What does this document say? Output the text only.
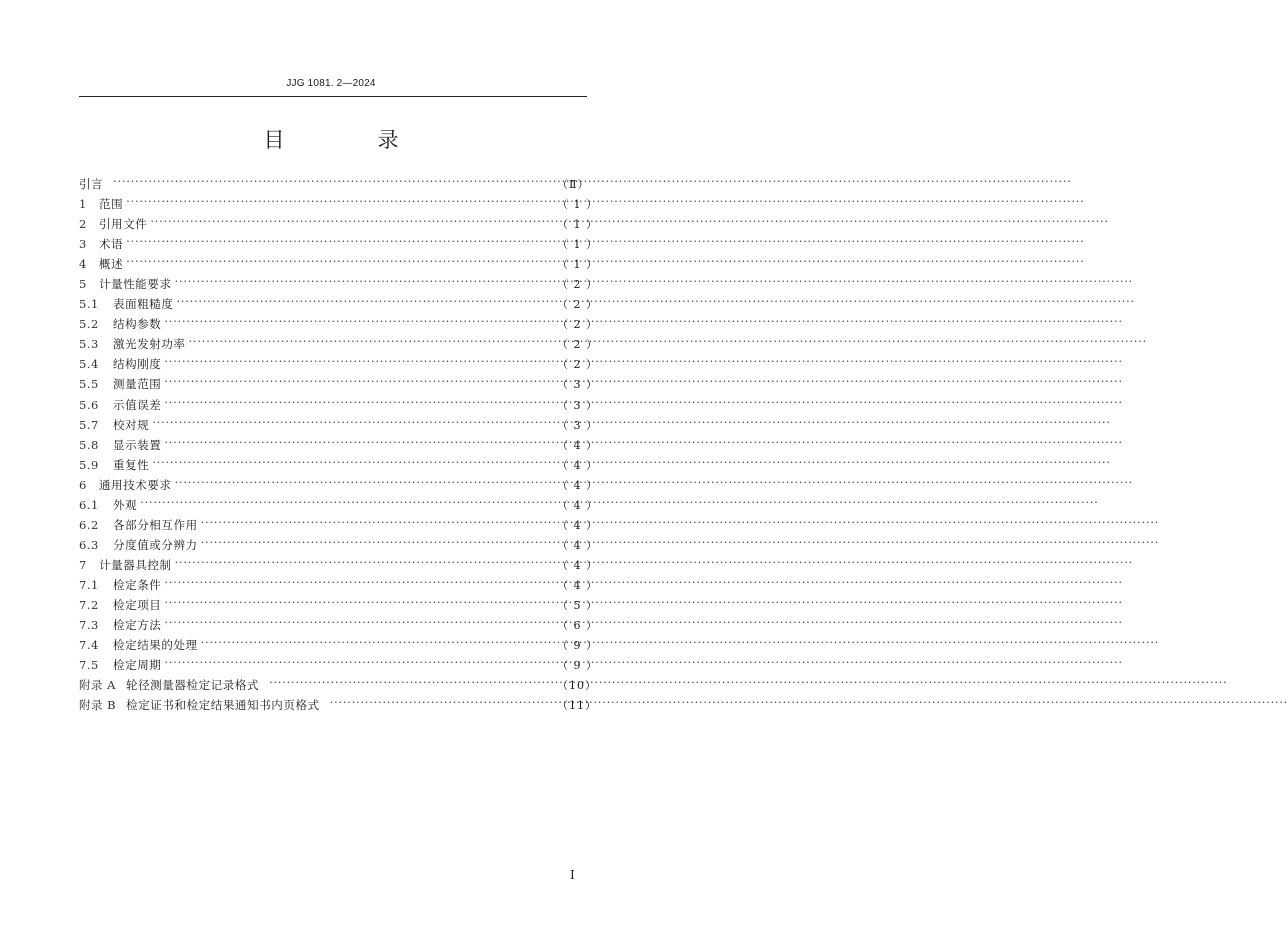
JJG 1081. 2—2024
目　录
引言 ·····	（Ⅱ）
1	范围 ·····	（ 1 ）
2	引用文件 ·····	（ 1 ）
3	术语 ·····	（ 1 ）
4	概述 ·····	（ 1 ）
5	计量性能要求 ·····	（ 2 ）
5.1	表面粗糙度 ·····	（ 2 ）
5.2	结构参数 ·····	（ 2 ）
5.3	激光发射功率 ·····	（ 2 ）
5.4	结构刚度 ·····	（ 2 ）
5.5	测量范围 ·····	（ 3 ）
5.6	示值误差 ·····	（ 3 ）
5.7	校对规 ·····	（ 3 ）
5.8	显示装置 ·····	（ 4 ）
5.9	重复性 ·····	（ 4 ）
6	通用技术要求 ·····	（ 4 ）
6.1	外观 ·····	（ 4 ）
6.2	各部分相互作用 ·····	（ 4 ）
6.3	分度值或分辨力 ·····	（ 4 ）
7	计量器具控制 ·····	（ 4 ）
7.1	检定条件 ·····	（ 4 ）
7.2	检定项目 ·····	（ 5 ）
7.3	检定方法 ·····	（ 6 ）
7.4	检定结果的处理 ·····	（ 9 ）
7.5	检定周期 ·····	（ 9 ）
附录 A 轮径测量器检定记录格式 ·····	（10）
附录 B 检定证书和检定结果通知书内页格式 ·····	（11）
Ⅰ
